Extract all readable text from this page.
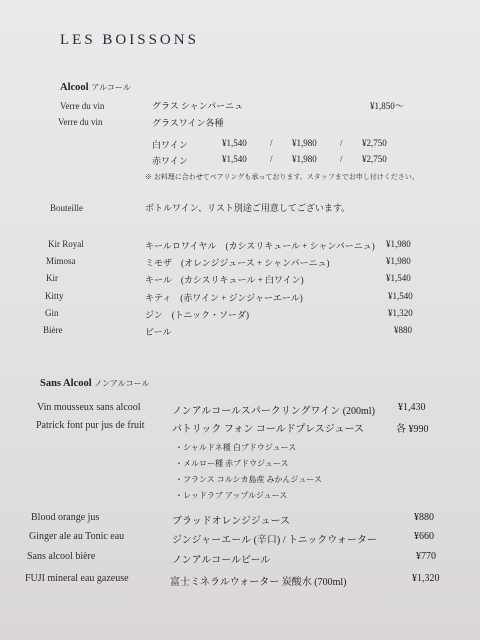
LES BOISSONS
Alcool アルコール
Verre du vin	グラス シャンパーニュ	¥1,850〜
Verre du vin	グラスワイン各種
白ワイン	¥1,540	/ ¥1,980	/ ¥2,750
赤ワイン	¥1,540	/ ¥1,980	/ ¥2,750
※ お料理に合わせてペアリングも承っております。スタッフまでお申し付けください。
Bouteille	ボトルワイン、リスト別途ご用意してございます。
Kir Royal	キールロワイヤル　(カシスリキュール + シャンパーニュ) ¥1,980
Mimosa	ミモザ　(オレンジジュース + シャンパーニュ)	¥1,980
Kir	キール　(カシスリキュール + 白ワイン)	¥1,540
Kitty	キティ　(赤ワイン + ジンジャーエール)	¥1,540
Gin	ジン　(トニック・ソーダ)	¥1,320
Bière	ビール	¥880
Sans Alcool ノンアルコール
Vin mousseux sans alcool	ノンアルコールスパークリングワイン (200ml) ¥1,430
Patrick font pur jus de fruit	パトリック フォン コールドプレスジュース	各 ¥990
・シャルドネ種 白ブドウジュース
・メルロー種 赤ブドウジュース
・フランス コルシカ島産 みかんジュース
・レッドラブ アップルジュース
Blood orange jus	ブラッドオレンジジュース	¥880
Ginger ale au Tonic eau	ジンジャーエール (辛口) / トニックウォーター	¥660
Sans alcool bière	ノンアルコールビール	¥770
FUJI mineral eau gazeuse	富士ミネラルウォーター 炭酸水 (700ml)	¥1,320
